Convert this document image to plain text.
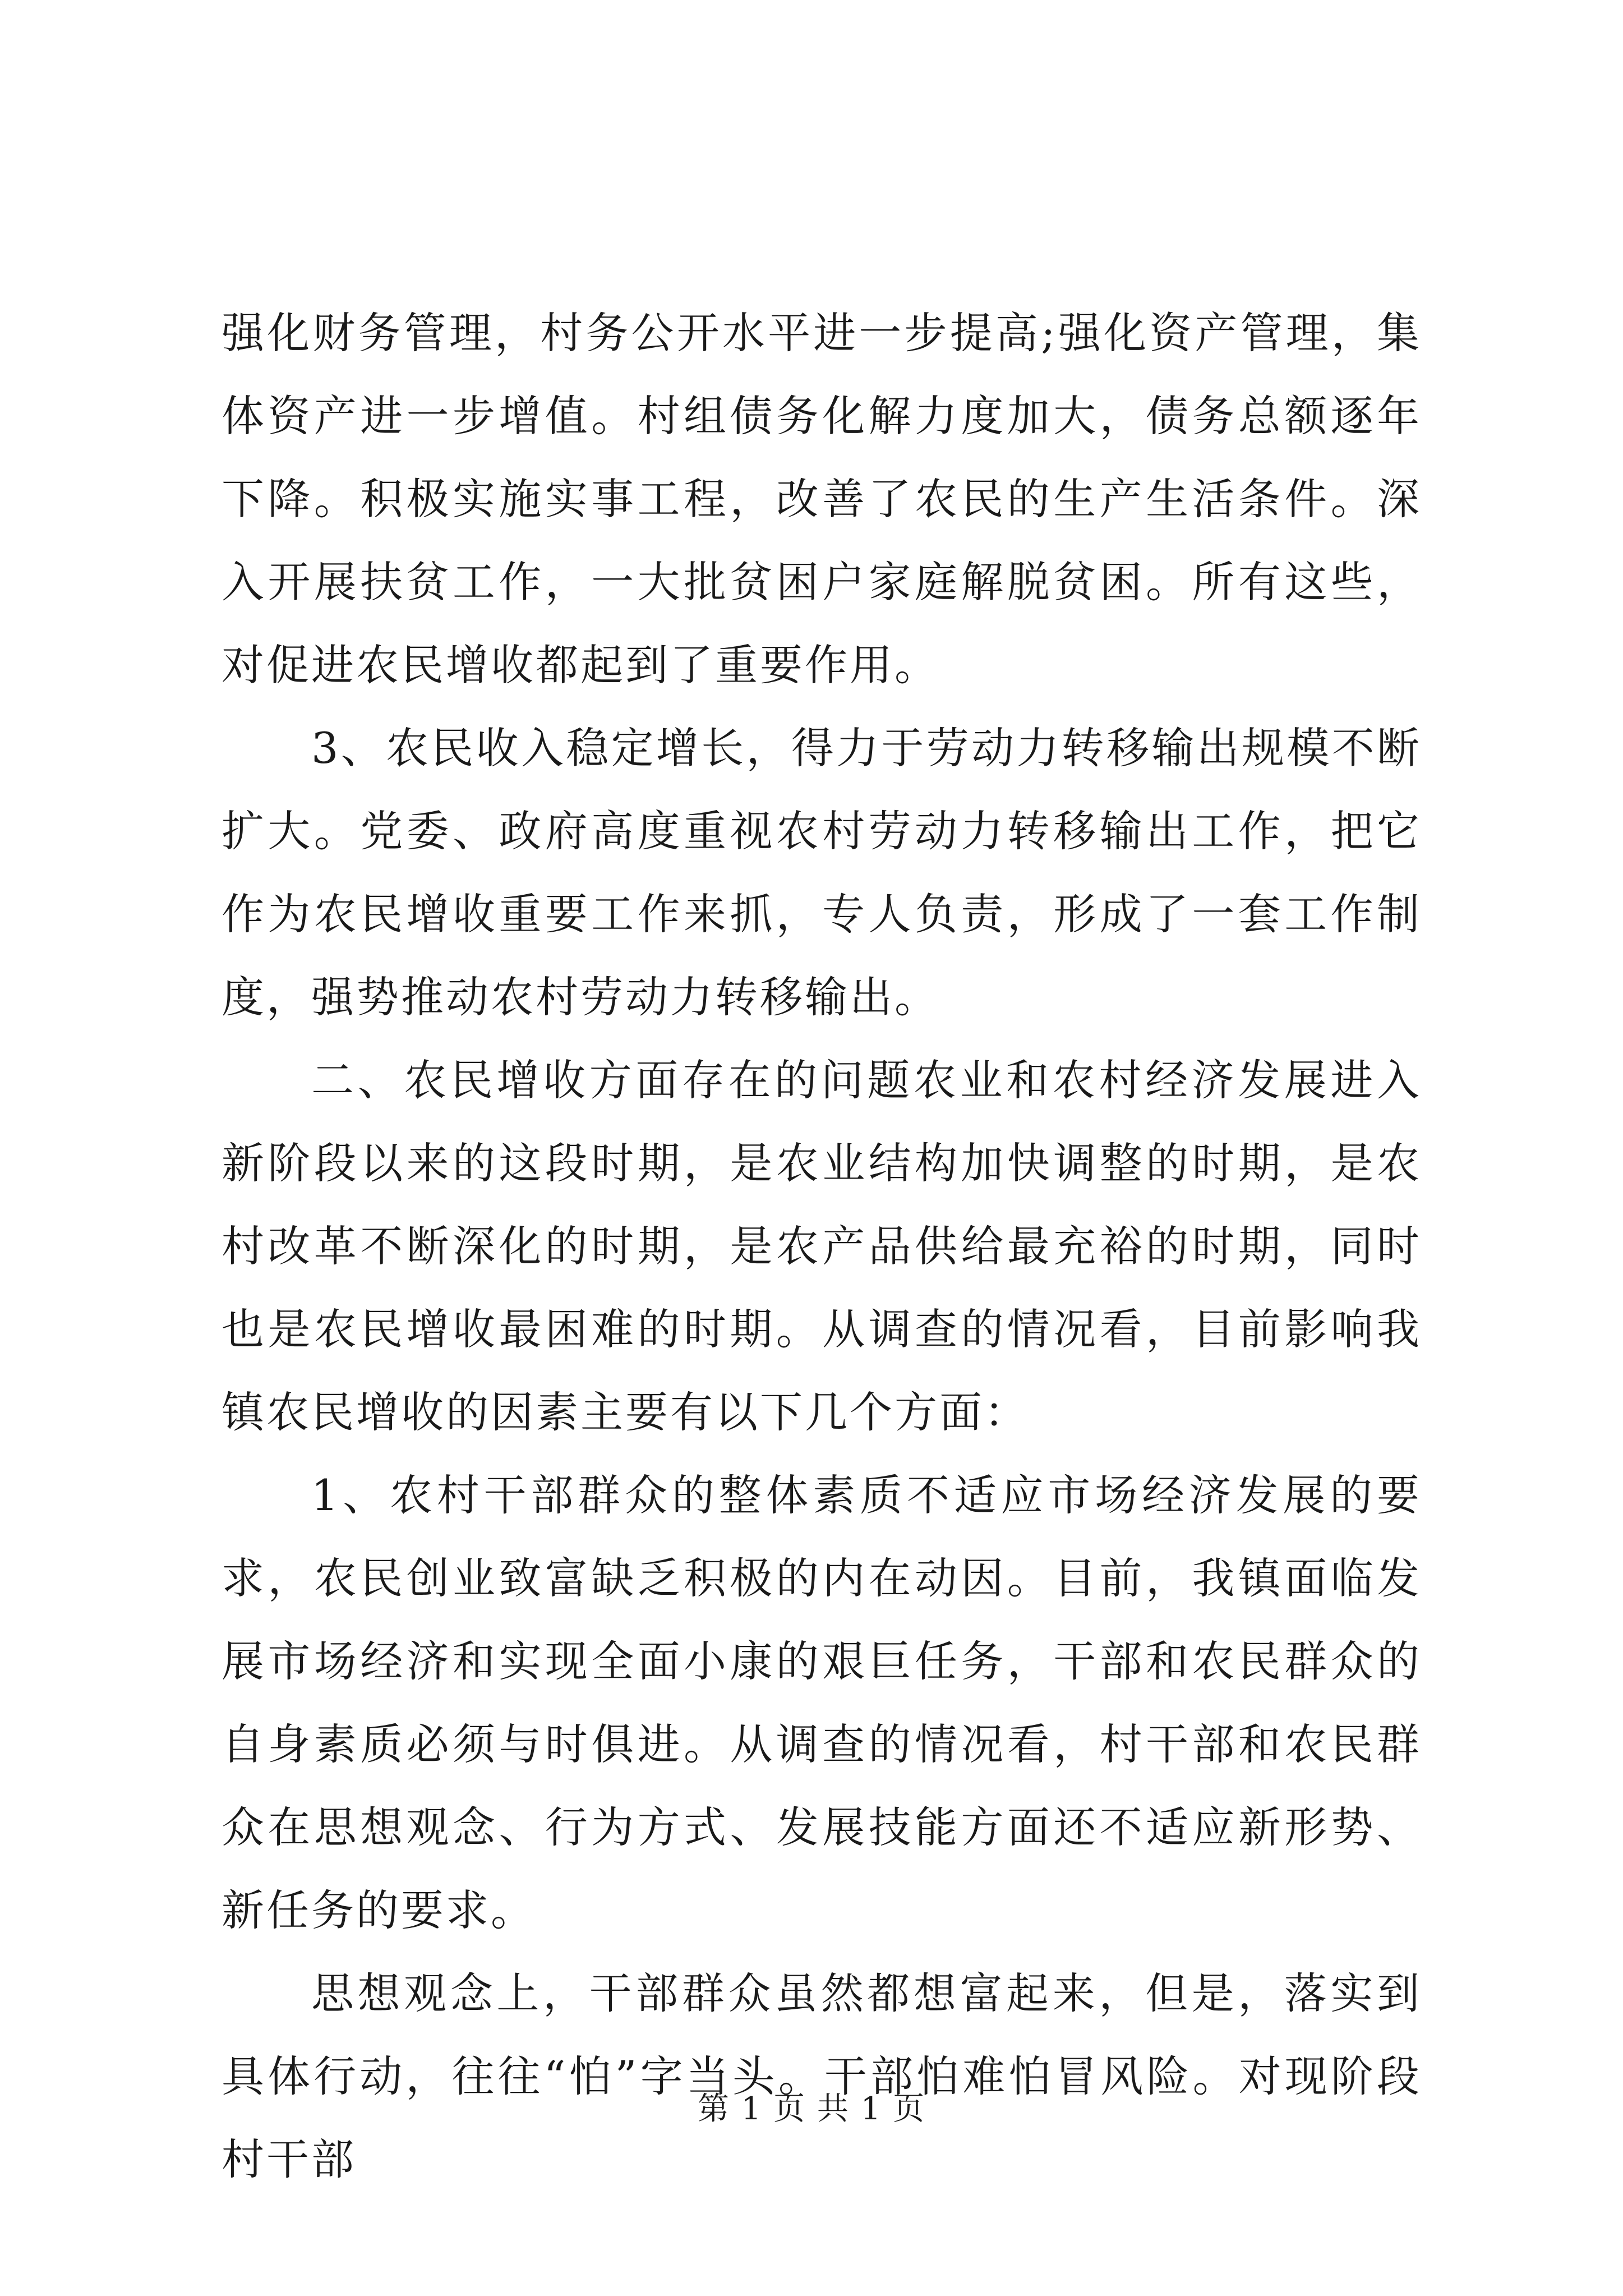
强化财务管理，村务公开水平进一步提高;强化资产管理，集体资产进一步增值。村组债务化解力度加大，债务总额逐年下降。积极实施实事工程，改善了农民的生产生活条件。深入开展扶贫工作，一大批贫困户家庭解脱贫困。所有这些，对促进农民增收都起到了重要作用。

3、农民收入稳定增长，得力于劳动力转移输出规模不断扩大。党委、政府高度重视农村劳动力转移输出工作，把它作为农民增收重要工作来抓，专人负责，形成了一套工作制度，强势推动农村劳动力转移输出。

二、农民增收方面存在的问题农业和农村经济发展进入新阶段以来的这段时期，是农业结构加快调整的时期，是农村改革不断深化的时期，是农产品供给最充裕的时期，同时也是农民增收最困难的时期。从调查的情况看，目前影响我镇农民增收的因素主要有以下几个方面：

1、农村干部群众的整体素质不适应市场经济发展的要求，农民创业致富缺乏积极的内在动因。目前，我镇面临发展市场经济和实现全面小康的艰巨任务，干部和农民群众的自身素质必须与时俱进。从调查的情况看，村干部和农民群众在思想观念、行为方式、发展技能方面还不适应新形势、新任务的要求。

思想观念上，干部群众虽然都想富起来，但是，落实到具体行动，往往“怕”字当头。干部怕难怕冒风险。对现阶段村干部

第 1 页 共 1 页
